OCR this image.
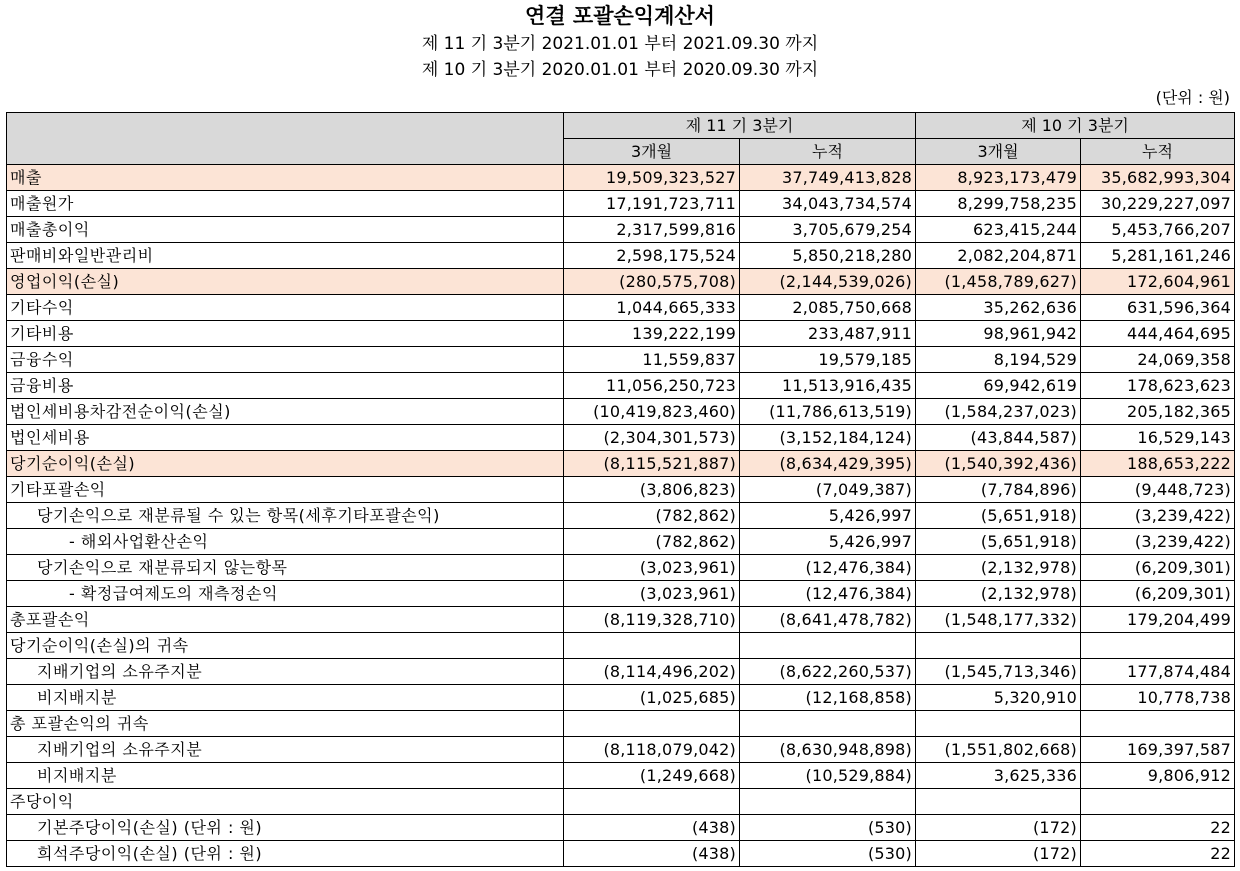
연결 포괄손익계산서
제 11 기 3분기 2021.01.01 부터 2021.09.30 까지
제 10 기 3분기 2020.01.01 부터 2020.09.30 까지
(단위 : 원)
	제 11 기 3분기		제 10 기 3분기	
	3개월	누적	3개월	누적
매출	19,509,323,527	37,749,413,828	8,923,173,479	35,682,993,304
매출원가	17,191,723,711	34,043,734,574	8,299,758,235	30,229,227,097
매출총이익	2,317,599,816	3,705,679,254	623,415,244	5,453,766,207
판매비와일반관리비	2,598,175,524	5,850,218,280	2,082,204,871	5,281,161,246
영업이익(손실)	(280,575,708)	(2,144,539,026)	(1,458,789,627)	172,604,961
기타수익	1,044,665,333	2,085,750,668	35,262,636	631,596,364
기타비용	139,222,199	233,487,911	98,961,942	444,464,695
금융수익	11,559,837	19,579,185	8,194,529	24,069,358
금융비용	11,056,250,723	11,513,916,435	69,942,619	178,623,623
법인세비용차감전순이익(손실)	(10,419,823,460)	(11,786,613,519)	(1,584,237,023)	205,182,365
법인세비용	(2,304,301,573)	(3,152,184,124)	(43,844,587)	16,529,143
당기순이익(손실)	(8,115,521,887)	(8,634,429,395)	(1,540,392,436)	188,653,222
기타포괄손익	(3,806,823)	(7,049,387)	(7,784,896)	(9,448,723)
당기손익으로 재분류될 수 있는 항목(세후기타포괄손익)	(782,862)	5,426,997	(5,651,918)	(3,239,422)
- 해외사업환산손익	(782,862)	5,426,997	(5,651,918)	(3,239,422)
당기손익으로 재분류되지 않는항목	(3,023,961)	(12,476,384)	(2,132,978)	(6,209,301)
- 확정급여제도의 재측정손익	(3,023,961)	(12,476,384)	(2,132,978)	(6,209,301)
총포괄손익	(8,119,328,710)	(8,641,478,782)	(1,548,177,332)	179,204,499
당기순이익(손실)의 귀속				
지배기업의 소유주지분	(8,114,496,202)	(8,622,260,537)	(1,545,713,346)	177,874,484
비지배지분	(1,025,685)	(12,168,858)	5,320,910	10,778,738
총 포괄손익의 귀속				
지배기업의 소유주지분	(8,118,079,042)	(8,630,948,898)	(1,551,802,668)	169,397,587
비지배지분	(1,249,668)	(10,529,884)	3,625,336	9,806,912
주당이익				
기본주당이익(손실) (단위 : 원)	(438)	(530)	(172)	22
희석주당이익(손실) (단위 : 원)	(438)	(530)	(172)	22
